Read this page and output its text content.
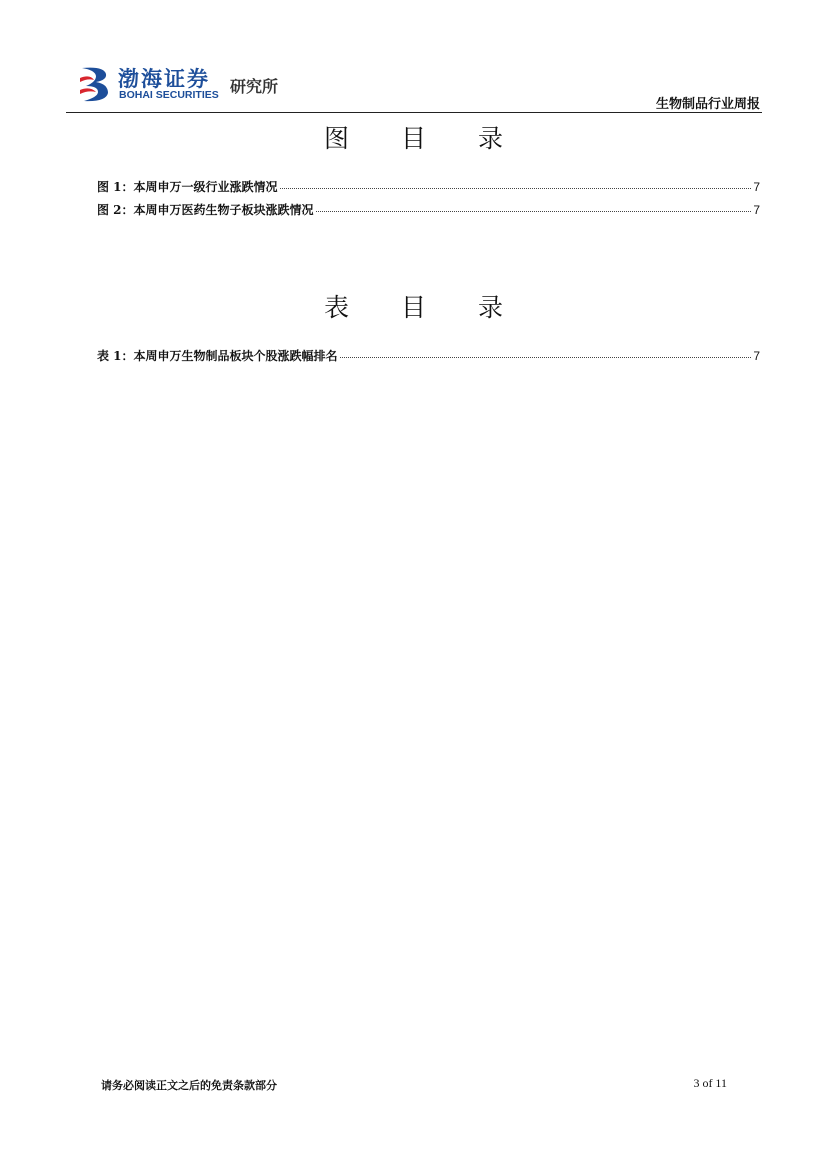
渤海证券
BOHAI SECURITIES 研究所
生物制品行业周报
图 目 录
图 1：本周申万一级行业涨跌情况	7
图 2：本周申万医药生物子板块涨跌情况	7
表 目 录
表 1：本周申万生物制品板块个股涨跌幅排名	7
请务必阅读正文之后的免责条款部分	3 of 11
